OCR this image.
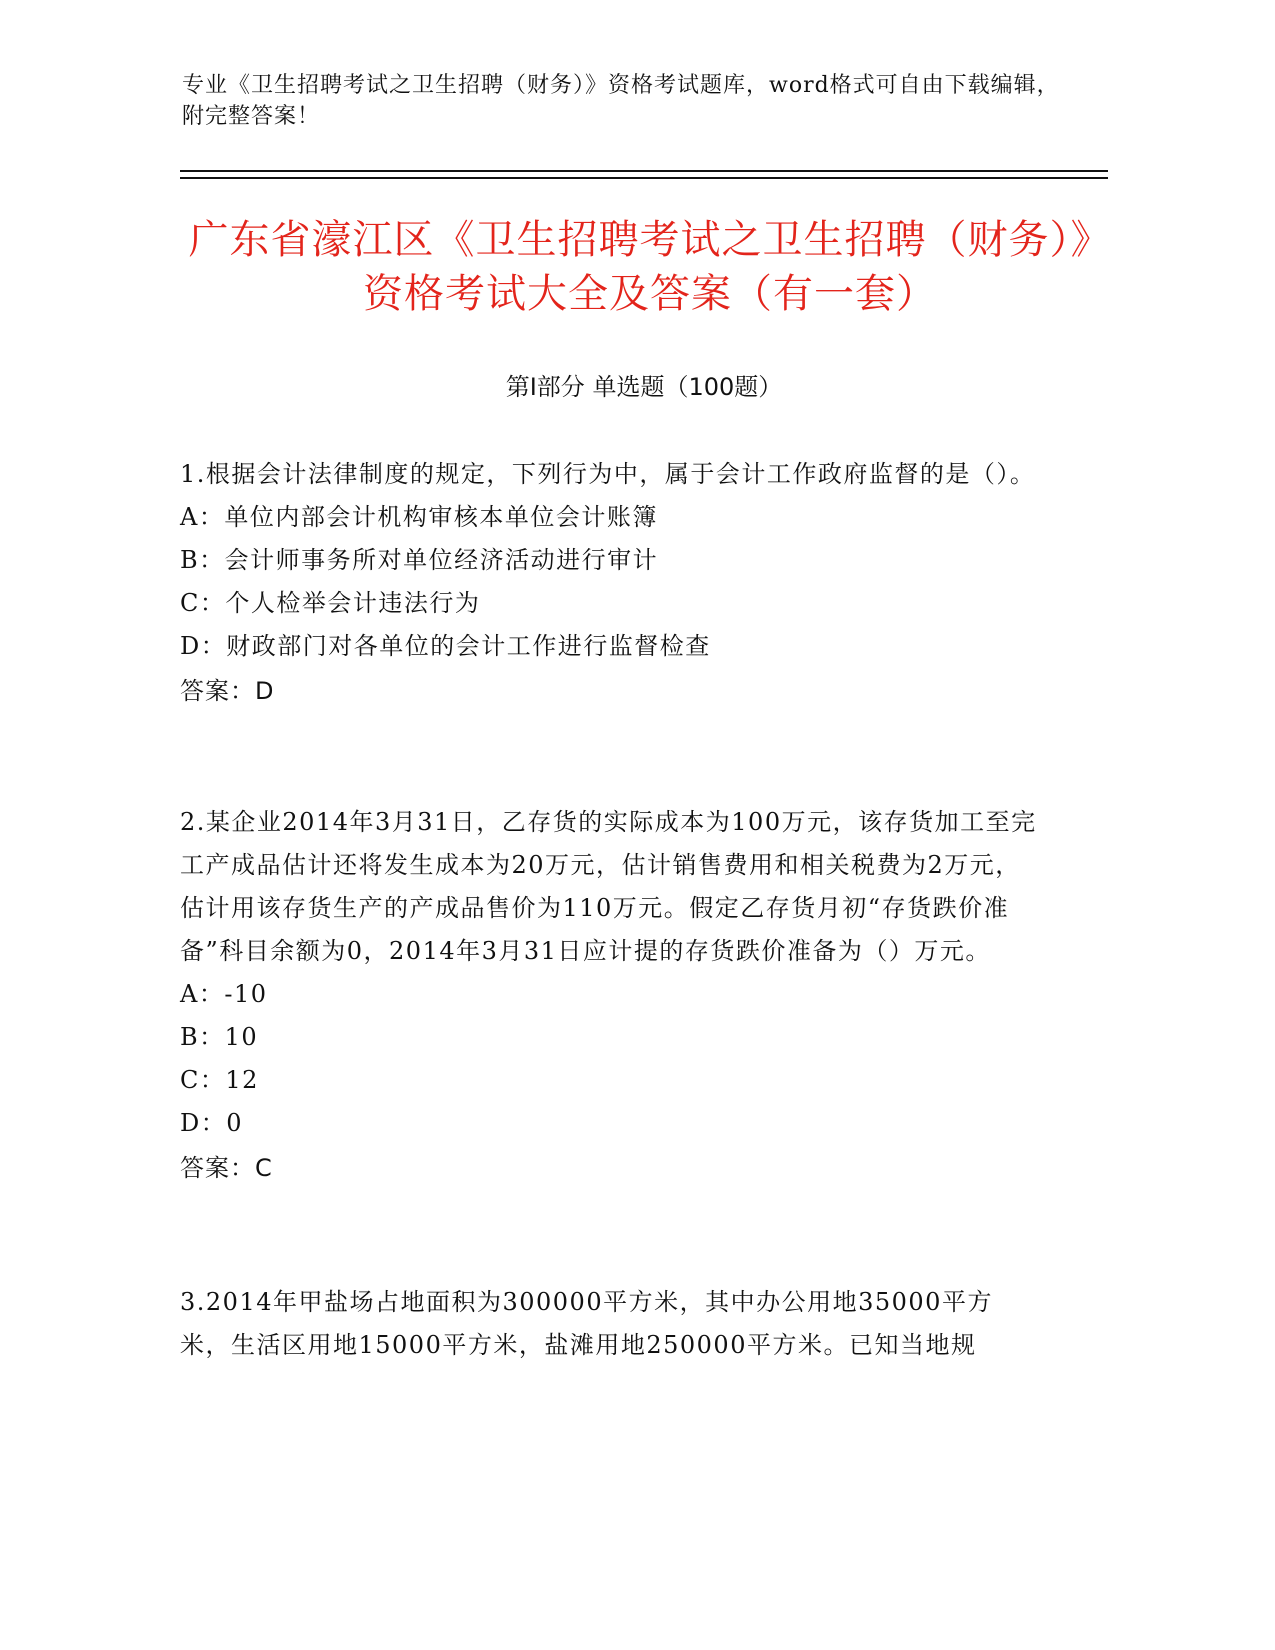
专业《卫生招聘考试之卫生招聘（财务）》资格考试题库，word格式可自由下载编辑，附完整答案！
广东省濠江区《卫生招聘考试之卫生招聘（财务）》资格考试大全及答案（有一套）
第I部分 单选题（100题）
1.根据会计法律制度的规定，下列行为中，属于会计工作政府监督的是（）。
A：单位内部会计机构审核本单位会计账簿
B：会计师事务所对单位经济活动进行审计
C：个人检举会计违法行为
D：财政部门对各单位的会计工作进行监督检查
答案：D
2.某企业2014年3月31日，乙存货的实际成本为100万元，该存货加工至完工产成品估计还将发生成本为20万元，估计销售费用和相关税费为2万元，估计用该存货生产的产成品售价为110万元。假定乙存货月初“存货跌价准备”科目余额为0，2014年3月31日应计提的存货跌价准备为（）万元。
A：-10
B：10
C：12
D：0
答案：C
3.2014年甲盐场占地面积为300000平方米，其中办公用地35000平方米，生活区用地15000平方米，盐滩用地250000平方米。已知当地规
